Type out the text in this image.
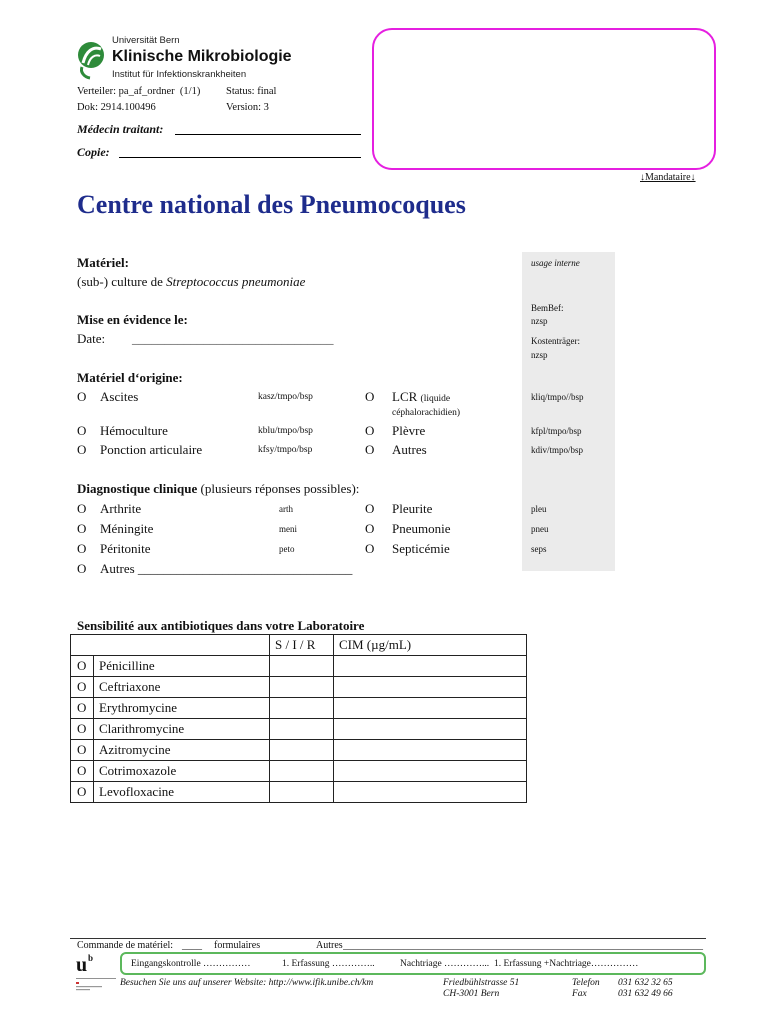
Universität Bern
Klinische Mikrobiologie
Institut für Infektionskrankheiten
Verteiler: pa_af_ordner  (1/1) Status: final
Dok: 2914.100496	Version: 3
Médecin traitant:
Copie:
↓Mandataire↓
Centre national des Pneumocoques
usage interne
BemBef:
nzsp
Kostenträger:
nzsp
Matériel:
(sub-) culture de Streptococcus pneumoniae
Mise en évidence le:
Date: _______________________________
Matériel d‘origine:
O Ascites	kasz/tmpo/bsp	O LCR (liquide	kliq/tmpo//bsp
céphalorachidien)
O Hémoculture	kblu/tmpo/bsp	O Plèvre	kfpl/tmpo/bsp
O Ponction articulaire	kfsy/tmpo/bsp	O Autres	kdiv/tmpo/bsp
Diagnostique clinique (plusieurs réponses possibles):
O Arthrite	arth	O Pleurite	pleu
O Méningite	meni	O Pneumonie	pneu
O Péritonite	peto	O Septicémie	seps
O Autres _________________________________
Sensibilité aux antibiotiques dans votre Laboratoire
		S / I / R	CIM (µg/mL)
O	Pénicilline		
O	Ceftriaxone		
O	Erythromycine		
O	Clarithromycine		
O	Azitromycine		
O	Cotrimoxazole		
O	Levofloxacine		
Commande de matériel: ____ formulaires	Autres ________________________________________________________________________
Eingangskontrolle ……………	1. Erfassung …………..	Nachtriage …………... 1. Erfassung +Nachtriage……………
u b
Besuchen Sie uns auf unserer Website: http://www.ifik.unibe.ch/km	Friedbühlstrasse 51
CH-3001 Bern
Telefon
Fax
031 632 32 65
031 632 49 66
